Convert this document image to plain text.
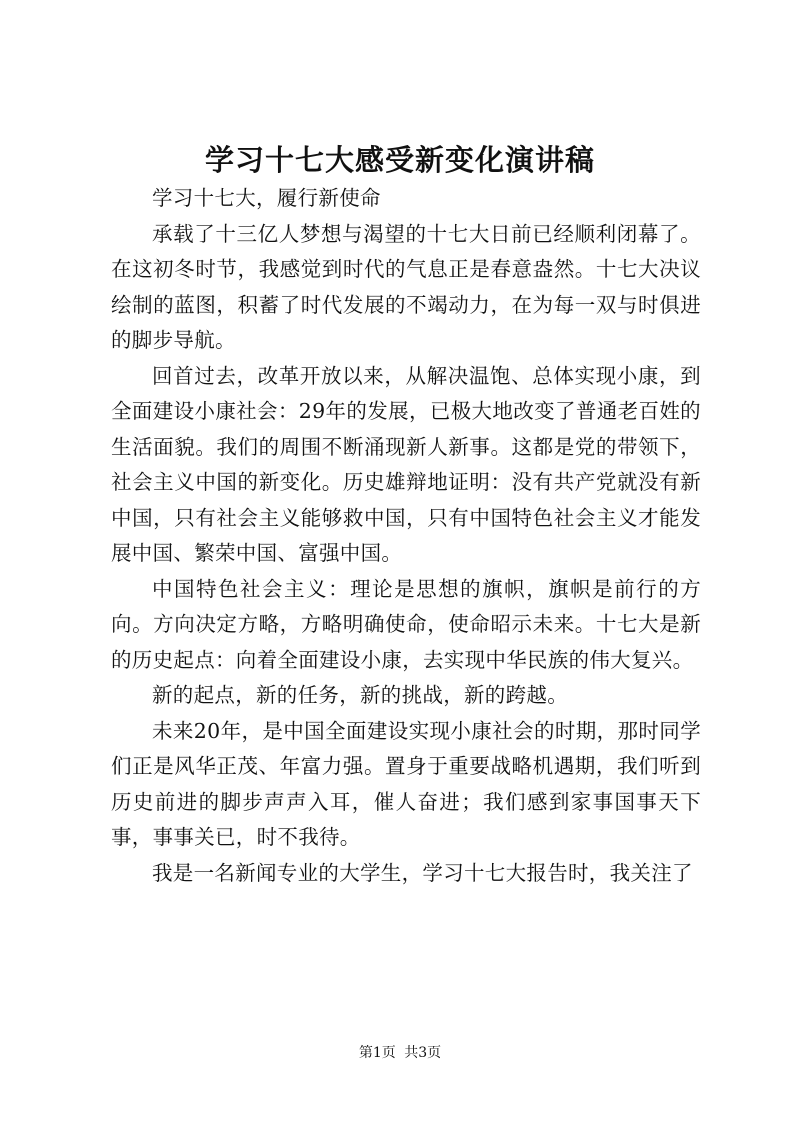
学习十七大感受新变化演讲稿

学习十七大，履行新使命

承载了十三亿人梦想与渴望的十七大日前已经顺利闭幕了。在这初冬时节，我感觉到时代的气息正是春意盎然。十七大决议绘制的蓝图，积蓄了时代发展的不竭动力，在为每一双与时俱进的脚步导航。

回首过去，改革开放以来，从解决温饱、总体实现小康，到全面建设小康社会：29年的发展，已极大地改变了普通老百姓的生活面貌。我们的周围不断涌现新人新事。这都是党的带领下，社会主义中国的新变化。历史雄辩地证明：没有共产党就没有新中国，只有社会主义能够救中国，只有中国特色社会主义才能发展中国、繁荣中国、富强中国。

中国特色社会主义：理论是思想的旗帜，旗帜是前行的方向。方向决定方略，方略明确使命，使命昭示未来。十七大是新的历史起点：向着全面建设小康，去实现中华民族的伟大复兴。

新的起点，新的任务，新的挑战，新的跨越。

未来20年，是中国全面建设实现小康社会的时期，那时同学们正是风华正茂、年富力强。置身于重要战略机遇期，我们听到历史前进的脚步声声入耳，催人奋进；我们感到家事国事天下事，事事关已，时不我待。

我是一名新闻专业的大学生，学习十七大报告时，我关注了

第1页 共3页
